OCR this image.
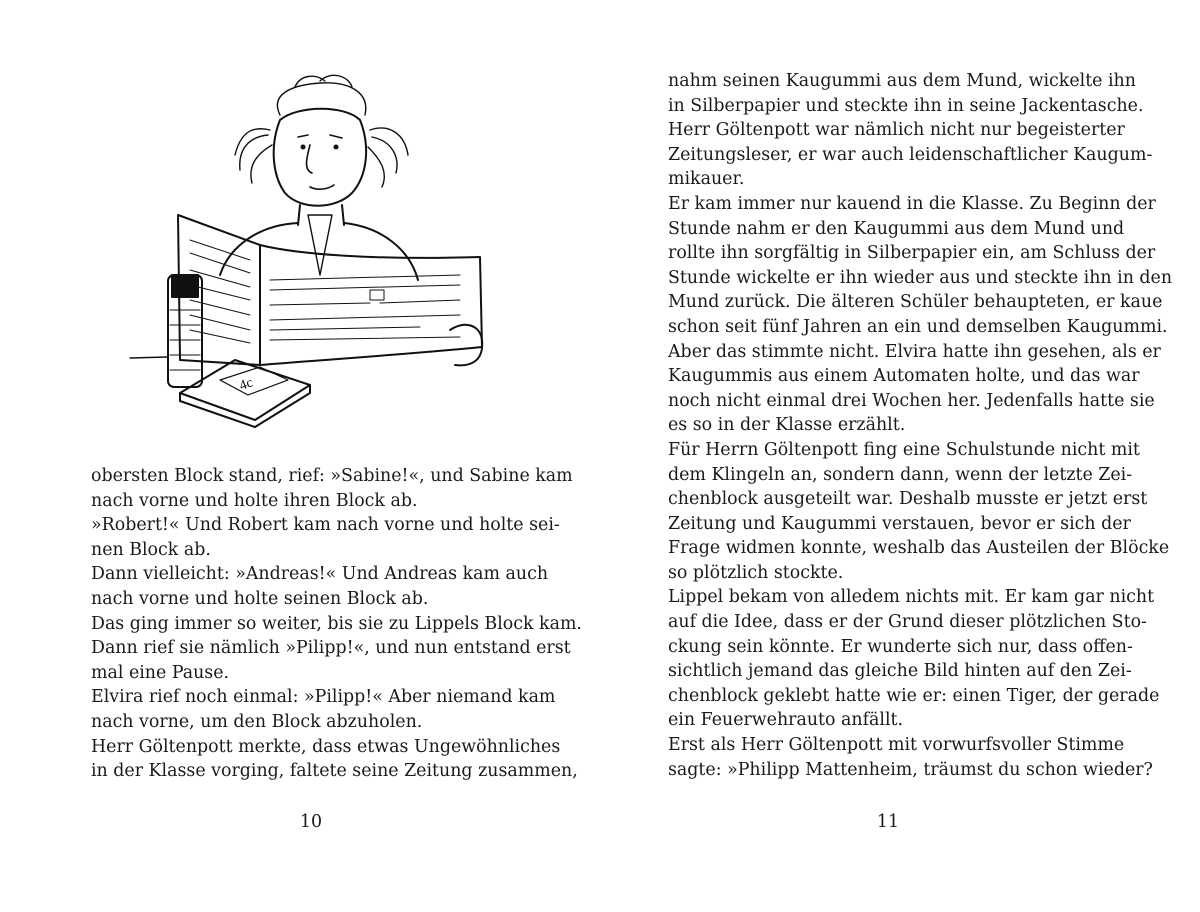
4c
obersten Block stand, rief: »Sabine!«, und Sabine kam
nach vorne und holte ihren Block ab.
»Robert!« Und Robert kam nach vorne und holte sei-
nen Block ab.
Dann vielleicht: »Andreas!« Und Andreas kam auch
nach vorne und holte seinen Block ab.
Das ging immer so weiter, bis sie zu Lippels Block kam.
Dann rief sie nämlich »Pilipp!«, und nun entstand erst
mal eine Pause.
Elvira rief noch einmal: »Pilipp!« Aber niemand kam
nach vorne, um den Block abzuholen.
Herr Göltenpott merkte, dass etwas Ungewöhnliches
in der Klasse vorging, faltete seine Zeitung zusammen,
10
nahm seinen Kaugummi aus dem Mund, wickelte ihn
in Silberpapier und steckte ihn in seine Jackentasche.
Herr Göltenpott war nämlich nicht nur begeisterter
Zeitungsleser, er war auch leidenschaftlicher Kaugum-
mikauer.
Er kam immer nur kauend in die Klasse. Zu Beginn der
Stunde nahm er den Kaugummi aus dem Mund und
rollte ihn sorgfältig in Silberpapier ein, am Schluss der
Stunde wickelte er ihn wieder aus und steckte ihn in den
Mund zurück. Die älteren Schüler behaupteten, er kaue
schon seit fünf Jahren an ein und demselben Kaugummi.
Aber das stimmte nicht. Elvira hatte ihn gesehen, als er
Kaugummis aus einem Automaten holte, und das war
noch nicht einmal drei Wochen her. Jedenfalls hatte sie
es so in der Klasse erzählt.
Für Herrn Göltenpott fing eine Schulstunde nicht mit
dem Klingeln an, sondern dann, wenn der letzte Zei-
chenblock ausgeteilt war. Deshalb musste er jetzt erst
Zeitung und Kaugummi verstauen, bevor er sich der
Frage widmen konnte, weshalb das Austeilen der Blöcke
so plötzlich stockte.
Lippel bekam von alledem nichts mit. Er kam gar nicht
auf die Idee, dass er der Grund dieser plötzlichen Sto-
ckung sein könnte. Er wunderte sich nur, dass offen-
sichtlich jemand das gleiche Bild hinten auf den Zei-
chenblock geklebt hatte wie er: einen Tiger, der gerade
ein Feuerwehrauto anfällt.
Erst als Herr Göltenpott mit vorwurfsvoller Stimme
sagte: »Philipp Mattenheim, träumst du schon wieder?
11
